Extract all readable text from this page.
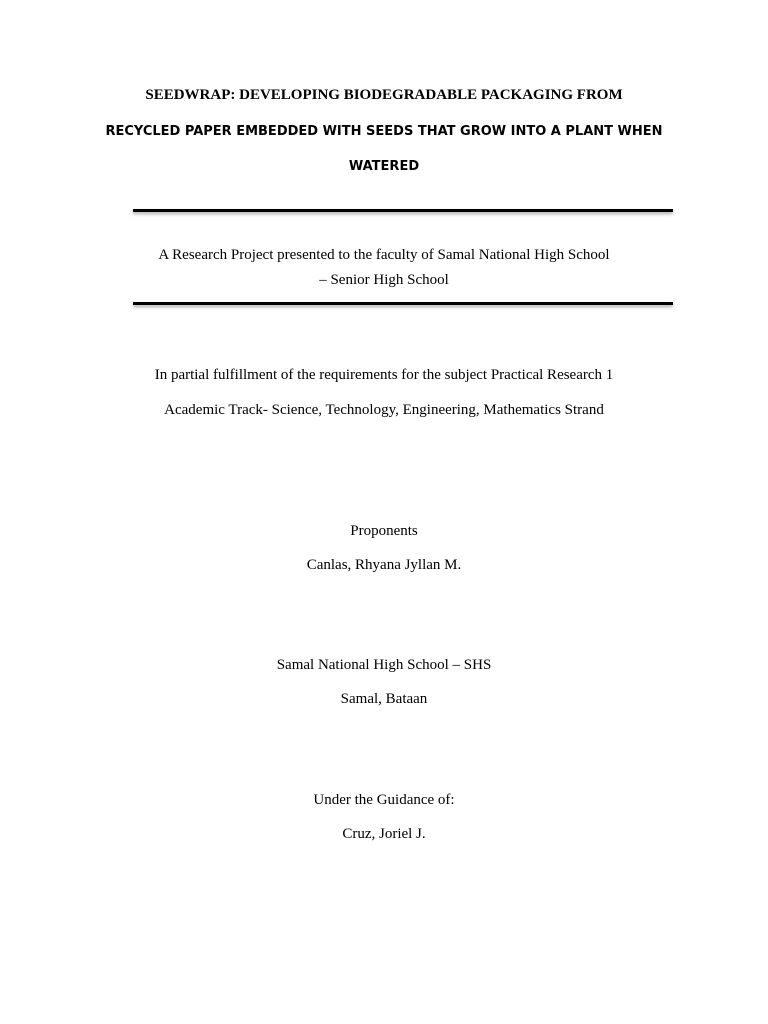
SEEDWRAP: DEVELOPING BIODEGRADABLE PACKAGING FROM
RECYCLED PAPER EMBEDDED WITH SEEDS THAT GROW INTO A PLANT WHEN
WATERED
A Research Project presented to the faculty of Samal National High School
– Senior High School
In partial fulfillment of the requirements for the subject Practical Research 1
Academic Track- Science, Technology, Engineering, Mathematics Strand
Proponents
Canlas, Rhyana Jyllan M.
Samal National High School – SHS
Samal, Bataan
Under the Guidance of:
Cruz, Joriel J.
